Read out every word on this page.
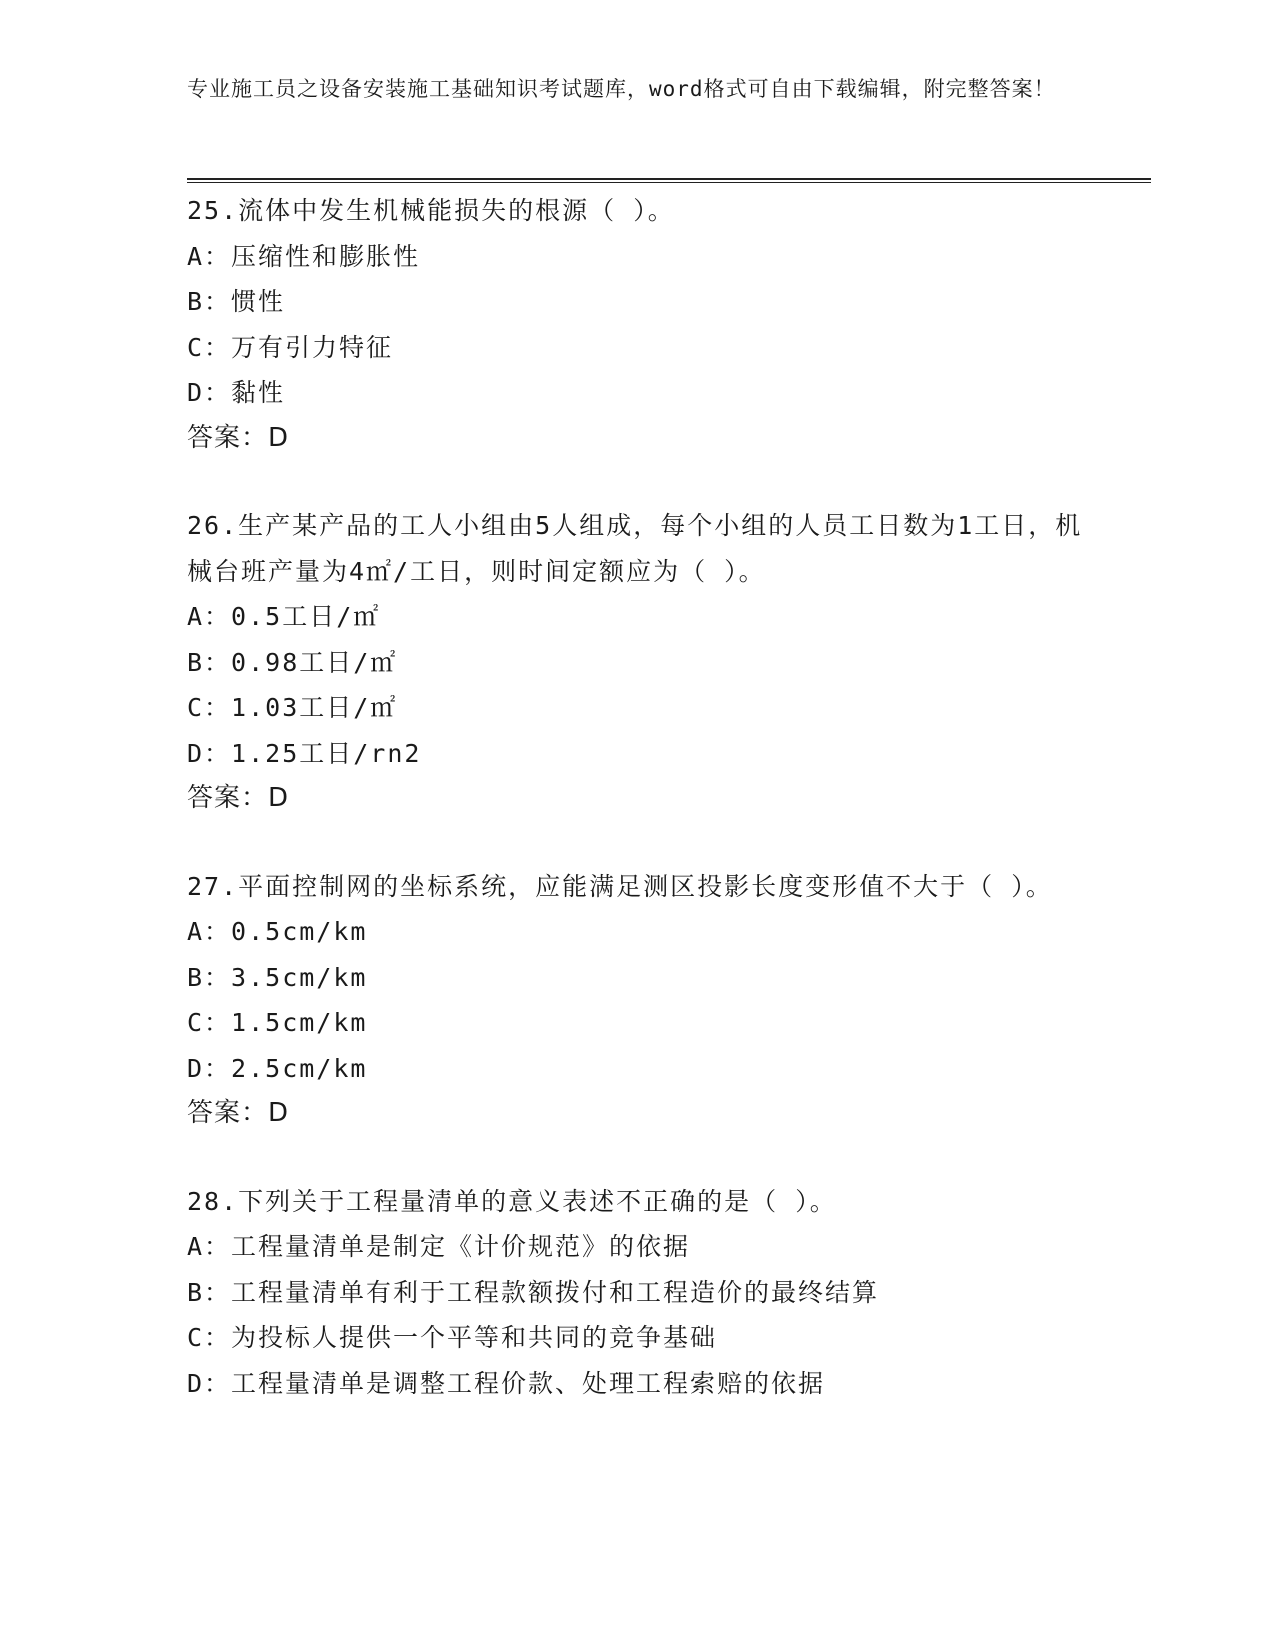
专业施工员之设备安装施工基础知识考试题库，word格式可自由下载编辑，附完整答案！

25.流体中发生机械能损失的根源（ ）。

A：压缩性和膨胀性

B：惯性

C：万有引力特征

D：黏性

答案：D

26.生产某产品的工人小组由5人组成，每个小组的人员工日数为1工日，机械台班产量为4㎡/工日，则时间定额应为（ ）。

A：0.5工日/㎡

B：0.98工日/㎡

C：1.03工日/㎡

D：1.25工日/rn2

答案：D

27.平面控制网的坐标系统，应能满足测区投影长度变形值不大于（ ）。

A：0.5cm/km

B：3.5cm/km

C：1.5cm/km

D：2.5cm/km

答案：D

28.下列关于工程量清单的意义表述不正确的是（ ）。

A：工程量清单是制定《计价规范》的依据

B：工程量清单有利于工程款额拨付和工程造价的最终结算

C：为投标人提供一个平等和共同的竞争基础

D：工程量清单是调整工程价款、处理工程索赔的依据
